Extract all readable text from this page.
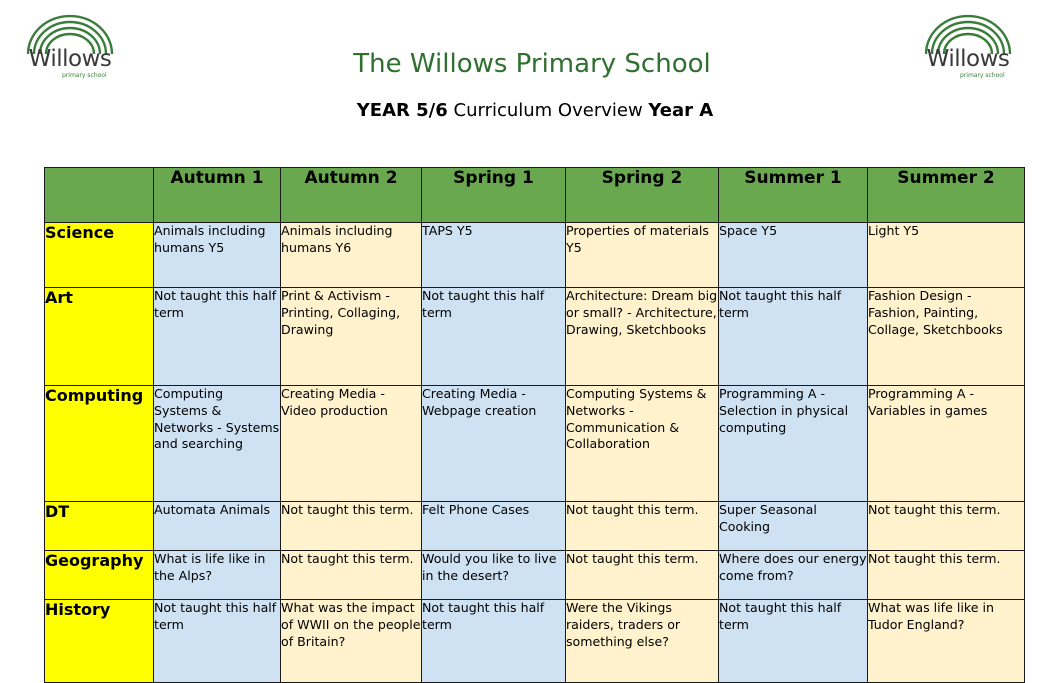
Willows
primary school
Willows
primary school
The Willows Primary School
YEAR 5/6 Curriculum Overview Year A
	Autumn 1	Autumn 2	Spring 1	Spring 2	Summer 1	Summer 2
Science	Animals including humans Y5	Animals including humans Y6	TAPS Y5	Properties of materials Y5	Space Y5	Light Y5
Art	Not taught this half term	Print & Activism - Printing, Collaging, Drawing	Not taught this half term	Architecture: Dream big or small? - Architecture, Drawing, Sketchbooks	Not taught this half term	Fashion Design - Fashion, Painting, Collage, Sketchbooks
Computing	Computing Systems & Networks - Systems and searching	Creating Media - Video production	Creating Media - Webpage creation	Computing Systems & Networks - Communication & Collaboration	Programming A - Selection in physical computing	Programming A - Variables in games
DT	Automata Animals	Not taught this term.	Felt Phone Cases	Not taught this term.	Super Seasonal Cooking	Not taught this term.
Geography	What is life like in the Alps?	Not taught this term.	Would you like to live in the desert?	Not taught this term.	Where does our energy come from?	Not taught this term.
History	Not taught this half term	What was the impact of WWII on the people of Britain?	Not taught this half term	Were the Vikings raiders, traders or something else?	Not taught this half term	What was life like in Tudor England?
